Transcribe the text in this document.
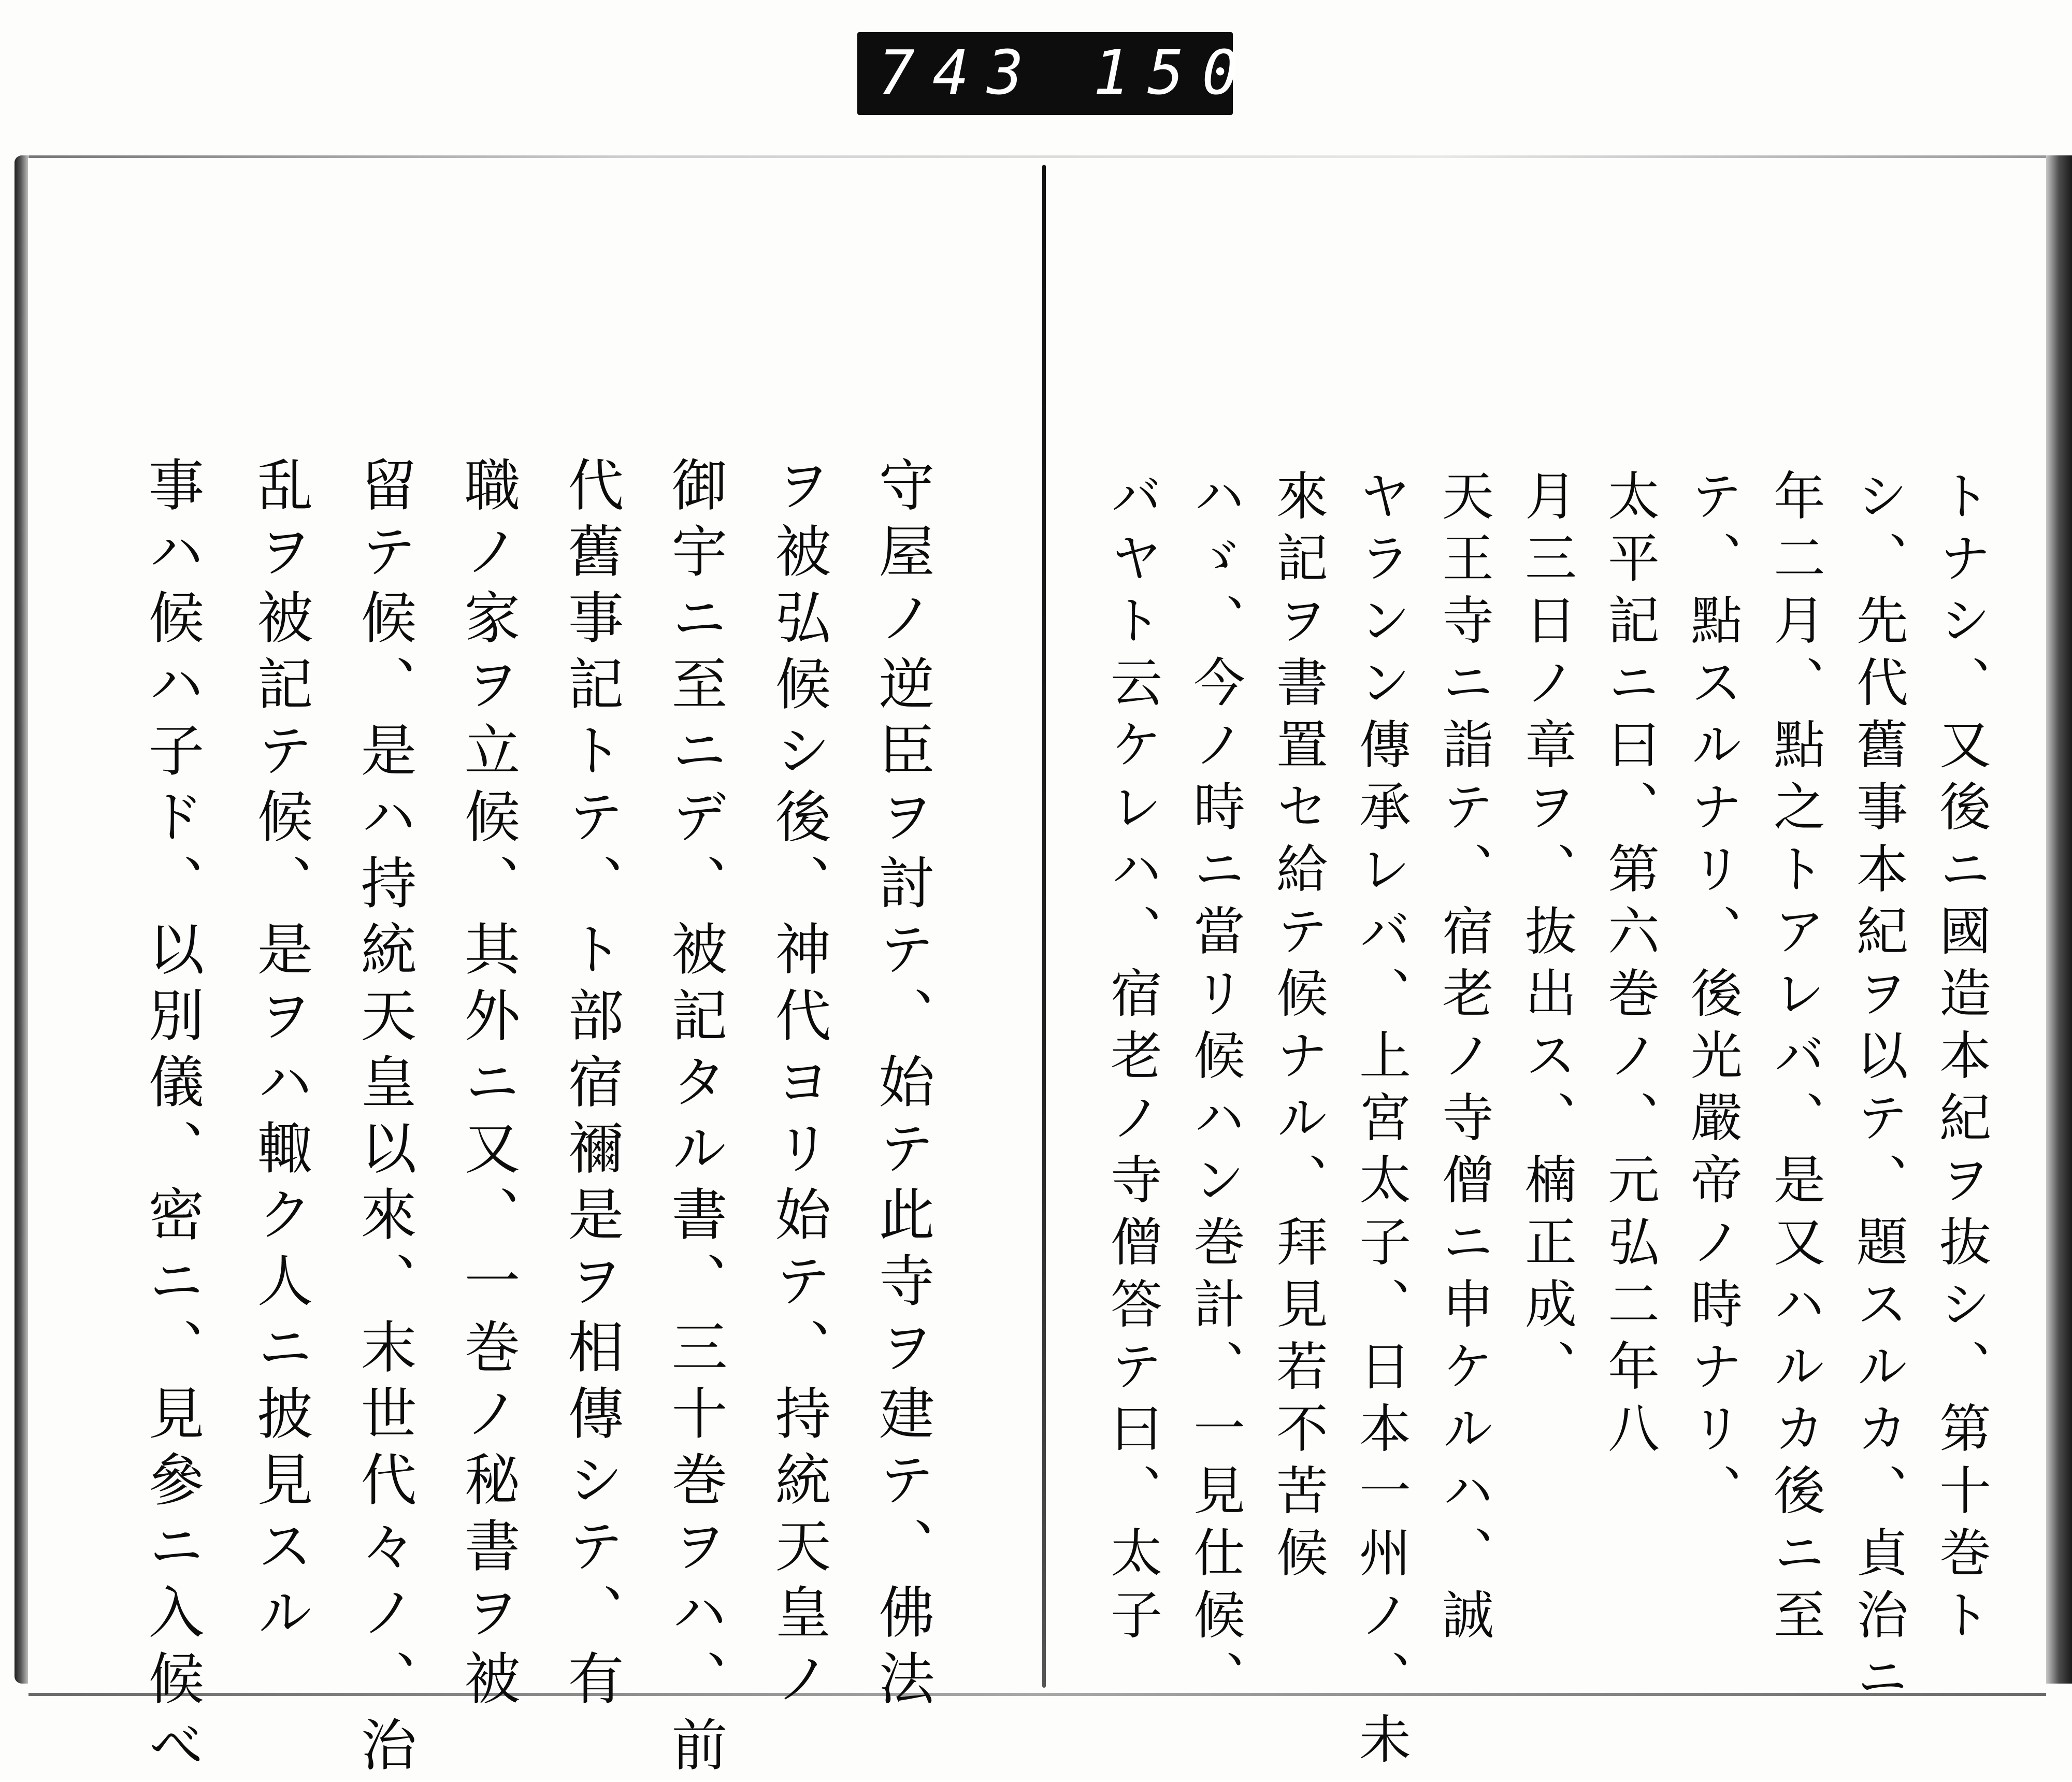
743 150
トナシ、又後ニ國造本紀ヲ抜シ、第十巻ト
シ、先代舊事本紀ヲ以テ、題スルカ、貞治ニ
年二月、點之トアレバ、是又ハルカ後ニ至
テ、點スルナリ、後光嚴帝ノ時ナリ、
太平記ニ曰、第六巻ノ、元弘二年八
月三日ノ章ヲ、抜出ス、楠正成、
天王寺ニ詣テ、宿老ノ寺僧ニ申ケルハ、誠
ヤランン傳承レバ、上宮太子、日本一州ノ、未
來記ヲ書置セ給テ候ナル、拜見若不苦候
ハゞ、今ノ時ニ當リ候ハン巻計、一見仕候、
バヤト云ケレハ、宿老ノ寺僧答テ曰、太子
守屋ノ逆臣ヲ討テ、始テ此寺ヲ建テ、佛法
ヲ被弘候シ後、神代ヨリ始テ、持統天皇ノ
御宇ニ至ニデ、被記タル書、三十巻ヲハ、前
代舊事記トテ、ト部宿禰是ヲ相傳シテ、有
職ノ家ヲ立候、其外ニ又、一巻ノ秘書ヲ被
留テ候、是ハ持統天皇以來、末世代々ノ、治
乱ヲ被記テ候、是ヲハ輙ク人ニ披見スル
事ハ候ハ子ド、以別儀、密ニ、見參ニ入候べ
